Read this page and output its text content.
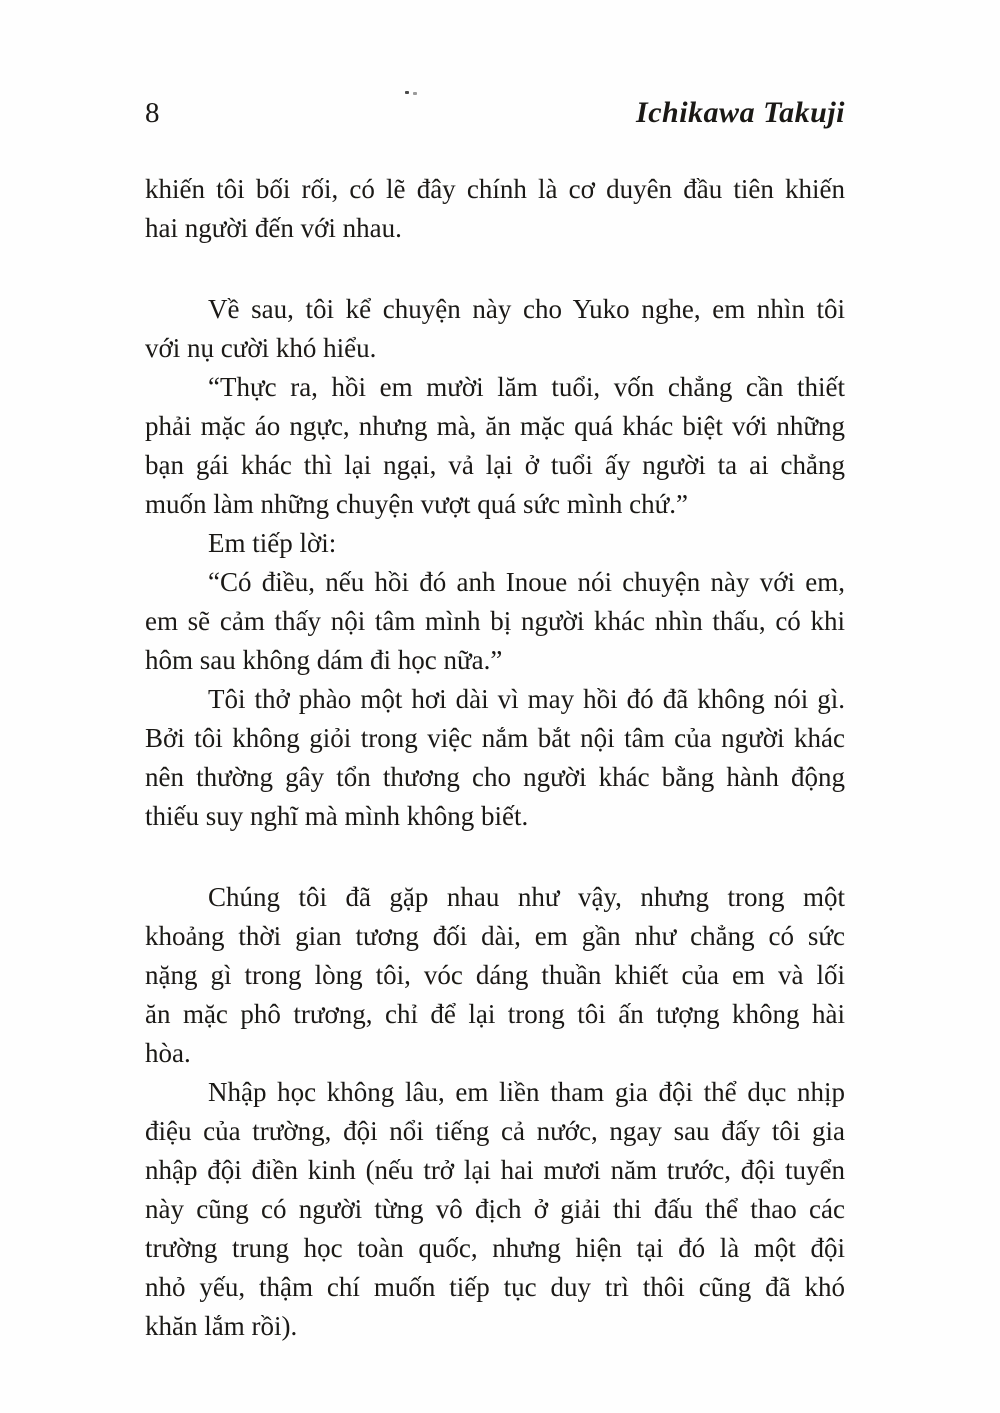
8	Ichikawa Takuji
khiến tôi bối rối, có lẽ đây chính là cơ duyên đầu tiên khiến
hai người đến với nhau.
Về sau, tôi kể chuyện này cho Yuko nghe, em nhìn tôi
với nụ cười khó hiểu.
“Thực ra, hồi em mười lăm tuổi, vốn chẳng cần thiết
phải mặc áo ngực, nhưng mà, ăn mặc quá khác biệt với những
bạn gái khác thì lại ngại, vả lại ở tuổi ấy người ta ai chẳng
muốn làm những chuyện vượt quá sức mình chứ.”
Em tiếp lời:
“Có điều, nếu hồi đó anh Inoue nói chuyện này với em,
em sẽ cảm thấy nội tâm mình bị người khác nhìn thấu, có khi
hôm sau không dám đi học nữa.”
Tôi thở phào một hơi dài vì may hồi đó đã không nói gì.
Bởi tôi không giỏi trong việc nắm bắt nội tâm của người khác
nên thường gây tổn thương cho người khác bằng hành động
thiếu suy nghĩ mà mình không biết.
Chúng tôi đã gặp nhau như vậy, nhưng trong một
khoảng thời gian tương đối dài, em gần như chẳng có sức
nặng gì trong lòng tôi, vóc dáng thuần khiết của em và lối
ăn mặc phô trương, chỉ để lại trong tôi ấn tượng không hài
hòa.
Nhập học không lâu, em liền tham gia đội thể dục nhịp
điệu của trường, đội nổi tiếng cả nước, ngay sau đấy tôi gia
nhập đội điền kinh (nếu trở lại hai mươi năm trước, đội tuyển
này cũng có người từng vô địch ở giải thi đấu thể thao các
trường trung học toàn quốc, nhưng hiện tại đó là một đội
nhỏ yếu, thậm chí muốn tiếp tục duy trì thôi cũng đã khó
khăn lắm rồi).
